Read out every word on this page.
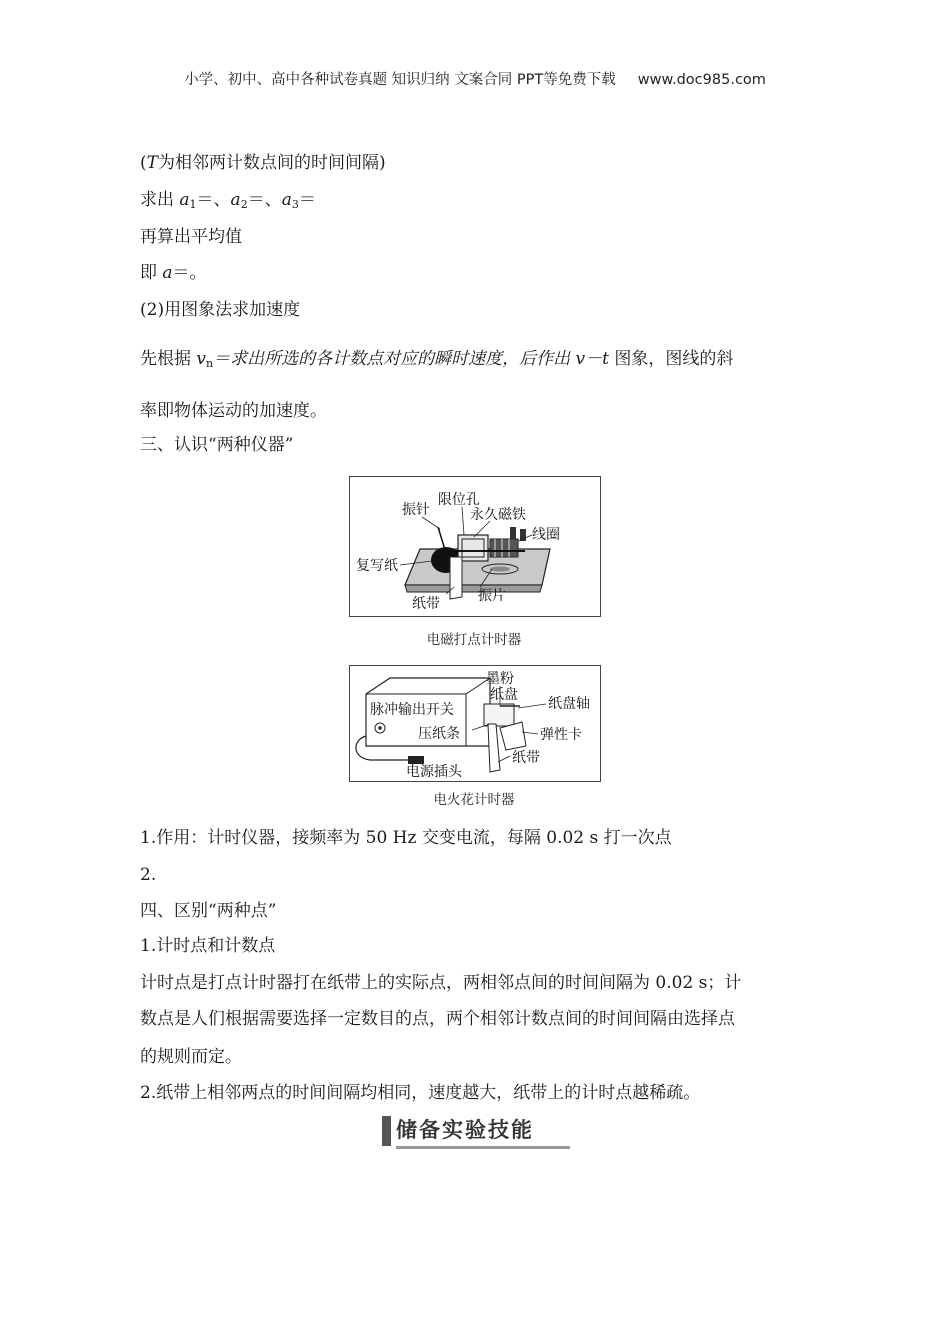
小学、初中、高中各种试卷真题 知识归纳 文案合同 PPT等免费下载 www.doc985.com
(T为相邻两计数点间的时间间隔)
求出 $a_1=$、$a_2=$、$a_3=$
再算出平均值
即 a＝。
(2)用图象法求加速度
先根据 $v_n=$求出所选的各计数点对应的瞬时速度，后作出 v－t 图象，图线的斜
率即物体运动的加速度。
三、认识“两种仪器”
振针
限位孔
永久磁铁
线圈
复写纸
纸带	振片
电磁打点计时器
墨粉
纸盘
纸盘轴
脉冲输出开关
弹性卡
压纸条
纸带
电源插头
电火花计时器
1.作用：计时仪器，接频率为 50 Hz 交变电流，每隔 0.02 s 打一次点
2.
四、区别“两种点”
1.计时点和计数点
计时点是打点计时器打在纸带上的实际点，两相邻点间的时间间隔为 0.02 s；计
数点是人们根据需要选择一定数目的点，两个相邻计数点间的时间间隔由选择点
的规则而定。
2.纸带上相邻两点的时间间隔均相同，速度越大，纸带上的计时点越稀疏。
储备实验技能
